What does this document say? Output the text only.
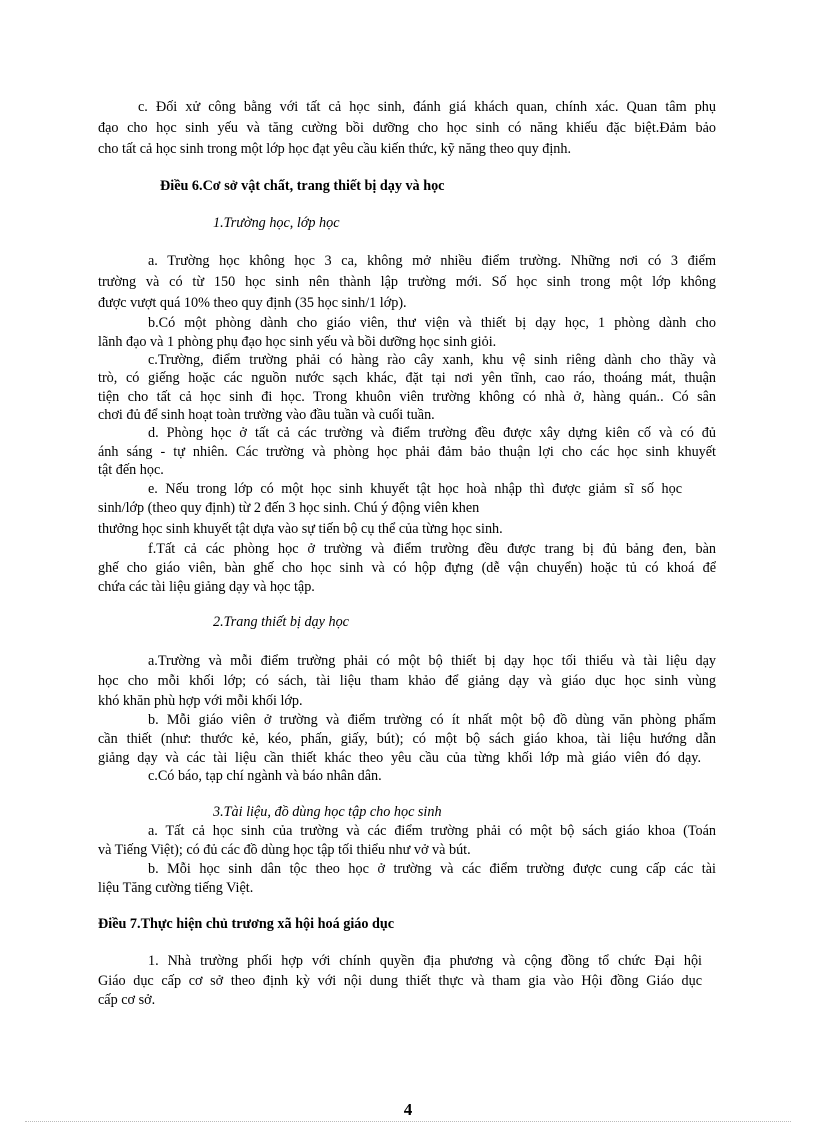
c. Đối xử công bằng với tất cả học sinh, đánh giá khách quan, chính xác. Quan tâm phụ
đạo cho học sinh yếu và tăng cường bồi dưỡng cho học sinh có năng khiếu đặc biệt.Đảm bảo
cho tất cả học sinh trong một lớp học đạt yêu cầu kiến thức, kỹ năng theo quy định.
Điều 6.Cơ sở vật chất, trang thiết bị dạy và học
1.Trường học, lớp học
a. Trường học không học 3 ca, không mở nhiều điểm trường. Những nơi có 3 điểm
trường và có từ 150 học sinh nên thành lập trường mới. Số học sinh trong một lớp không
được vượt quá 10% theo quy định (35 học sinh/1 lớp).
b.Có một phòng dành cho giáo viên, thư viện và thiết bị dạy học, 1 phòng dành cho
lãnh đạo và 1 phòng phụ đạo học sinh yếu và bồi dưỡng học sinh giỏi.
c.Trường, điểm trường phải có hàng rào cây xanh, khu vệ sinh riêng dành cho thầy và
trò, có giếng hoặc các nguồn nước sạch khác, đặt tại nơi yên tĩnh, cao ráo, thoáng mát, thuận
tiện cho tất cả học sinh đi học. Trong khuôn viên trường không có nhà ở, hàng quán.. Có sân
chơi đủ để sinh hoạt toàn trường vào đầu tuần và cuối tuần.
d. Phòng học ở tất cả các trường và điểm trường đều được xây dựng kiên cố và có đủ
ánh sáng - tự nhiên. Các trường và phòng học phải đảm bảo thuận lợi cho các học sinh khuyết
tật đến học.
e. Nếu trong lớp có một học sinh khuyết tật học hoà nhập thì được giảm sĩ số học
sinh/lớp (theo quy định) từ 2 đến 3 học sinh. Chú ý động viên khen
thưởng học sinh khuyết tật dựa vào sự tiến bộ cụ thể của từng học sinh.
f.Tất cả các phòng học ở trường và điểm trường đều được trang bị đủ bảng đen, bàn
ghế cho giáo viên, bàn ghế cho học sinh và có hộp đựng (dễ vận chuyển) hoặc tủ có khoá để
chứa các tài liệu giảng dạy và học tập.
2.Trang thiết bị dạy học
a.Trường và mỗi điểm trường phải có một bộ thiết bị dạy học tối thiểu và tài liệu dạy
học cho mỗi khối lớp; có sách, tài liệu tham khảo để giảng dạy và giáo dục học sinh vùng
khó khăn phù hợp với mỗi khối lớp.
b. Mỗi giáo viên ở trường và điểm trường có ít nhất một bộ đồ dùng văn phòng phẩm
cần thiết (như: thước kẻ, kéo, phấn, giấy, bút); có một bộ sách giáo khoa, tài liệu hướng dẫn
giảng dạy và các tài liệu cần thiết khác theo yêu cầu của từng khối lớp mà giáo viên đó dạy.
c.Có báo, tạp chí ngành và báo nhân dân.
3.Tài liệu, đồ dùng học tập cho học sinh
a. Tất cả học sinh của trường và các điểm trường phải có một bộ sách giáo khoa (Toán
và Tiếng Việt); có đủ các đồ dùng học tập tối thiểu như vở và bút.
b. Mỗi học sinh dân tộc theo học ở trường và các điểm trường được cung cấp các tài
liệu Tăng cường tiếng Việt.
Điều 7.Thực hiện chủ trương xã hội hoá giáo dục
1. Nhà trường phối hợp với chính quyền địa phương và cộng đồng tổ chức Đại hội
Giáo dục cấp cơ sở theo định kỳ với nội dung thiết thực và tham gia vào Hội đồng Giáo dục
cấp cơ sở.
4
